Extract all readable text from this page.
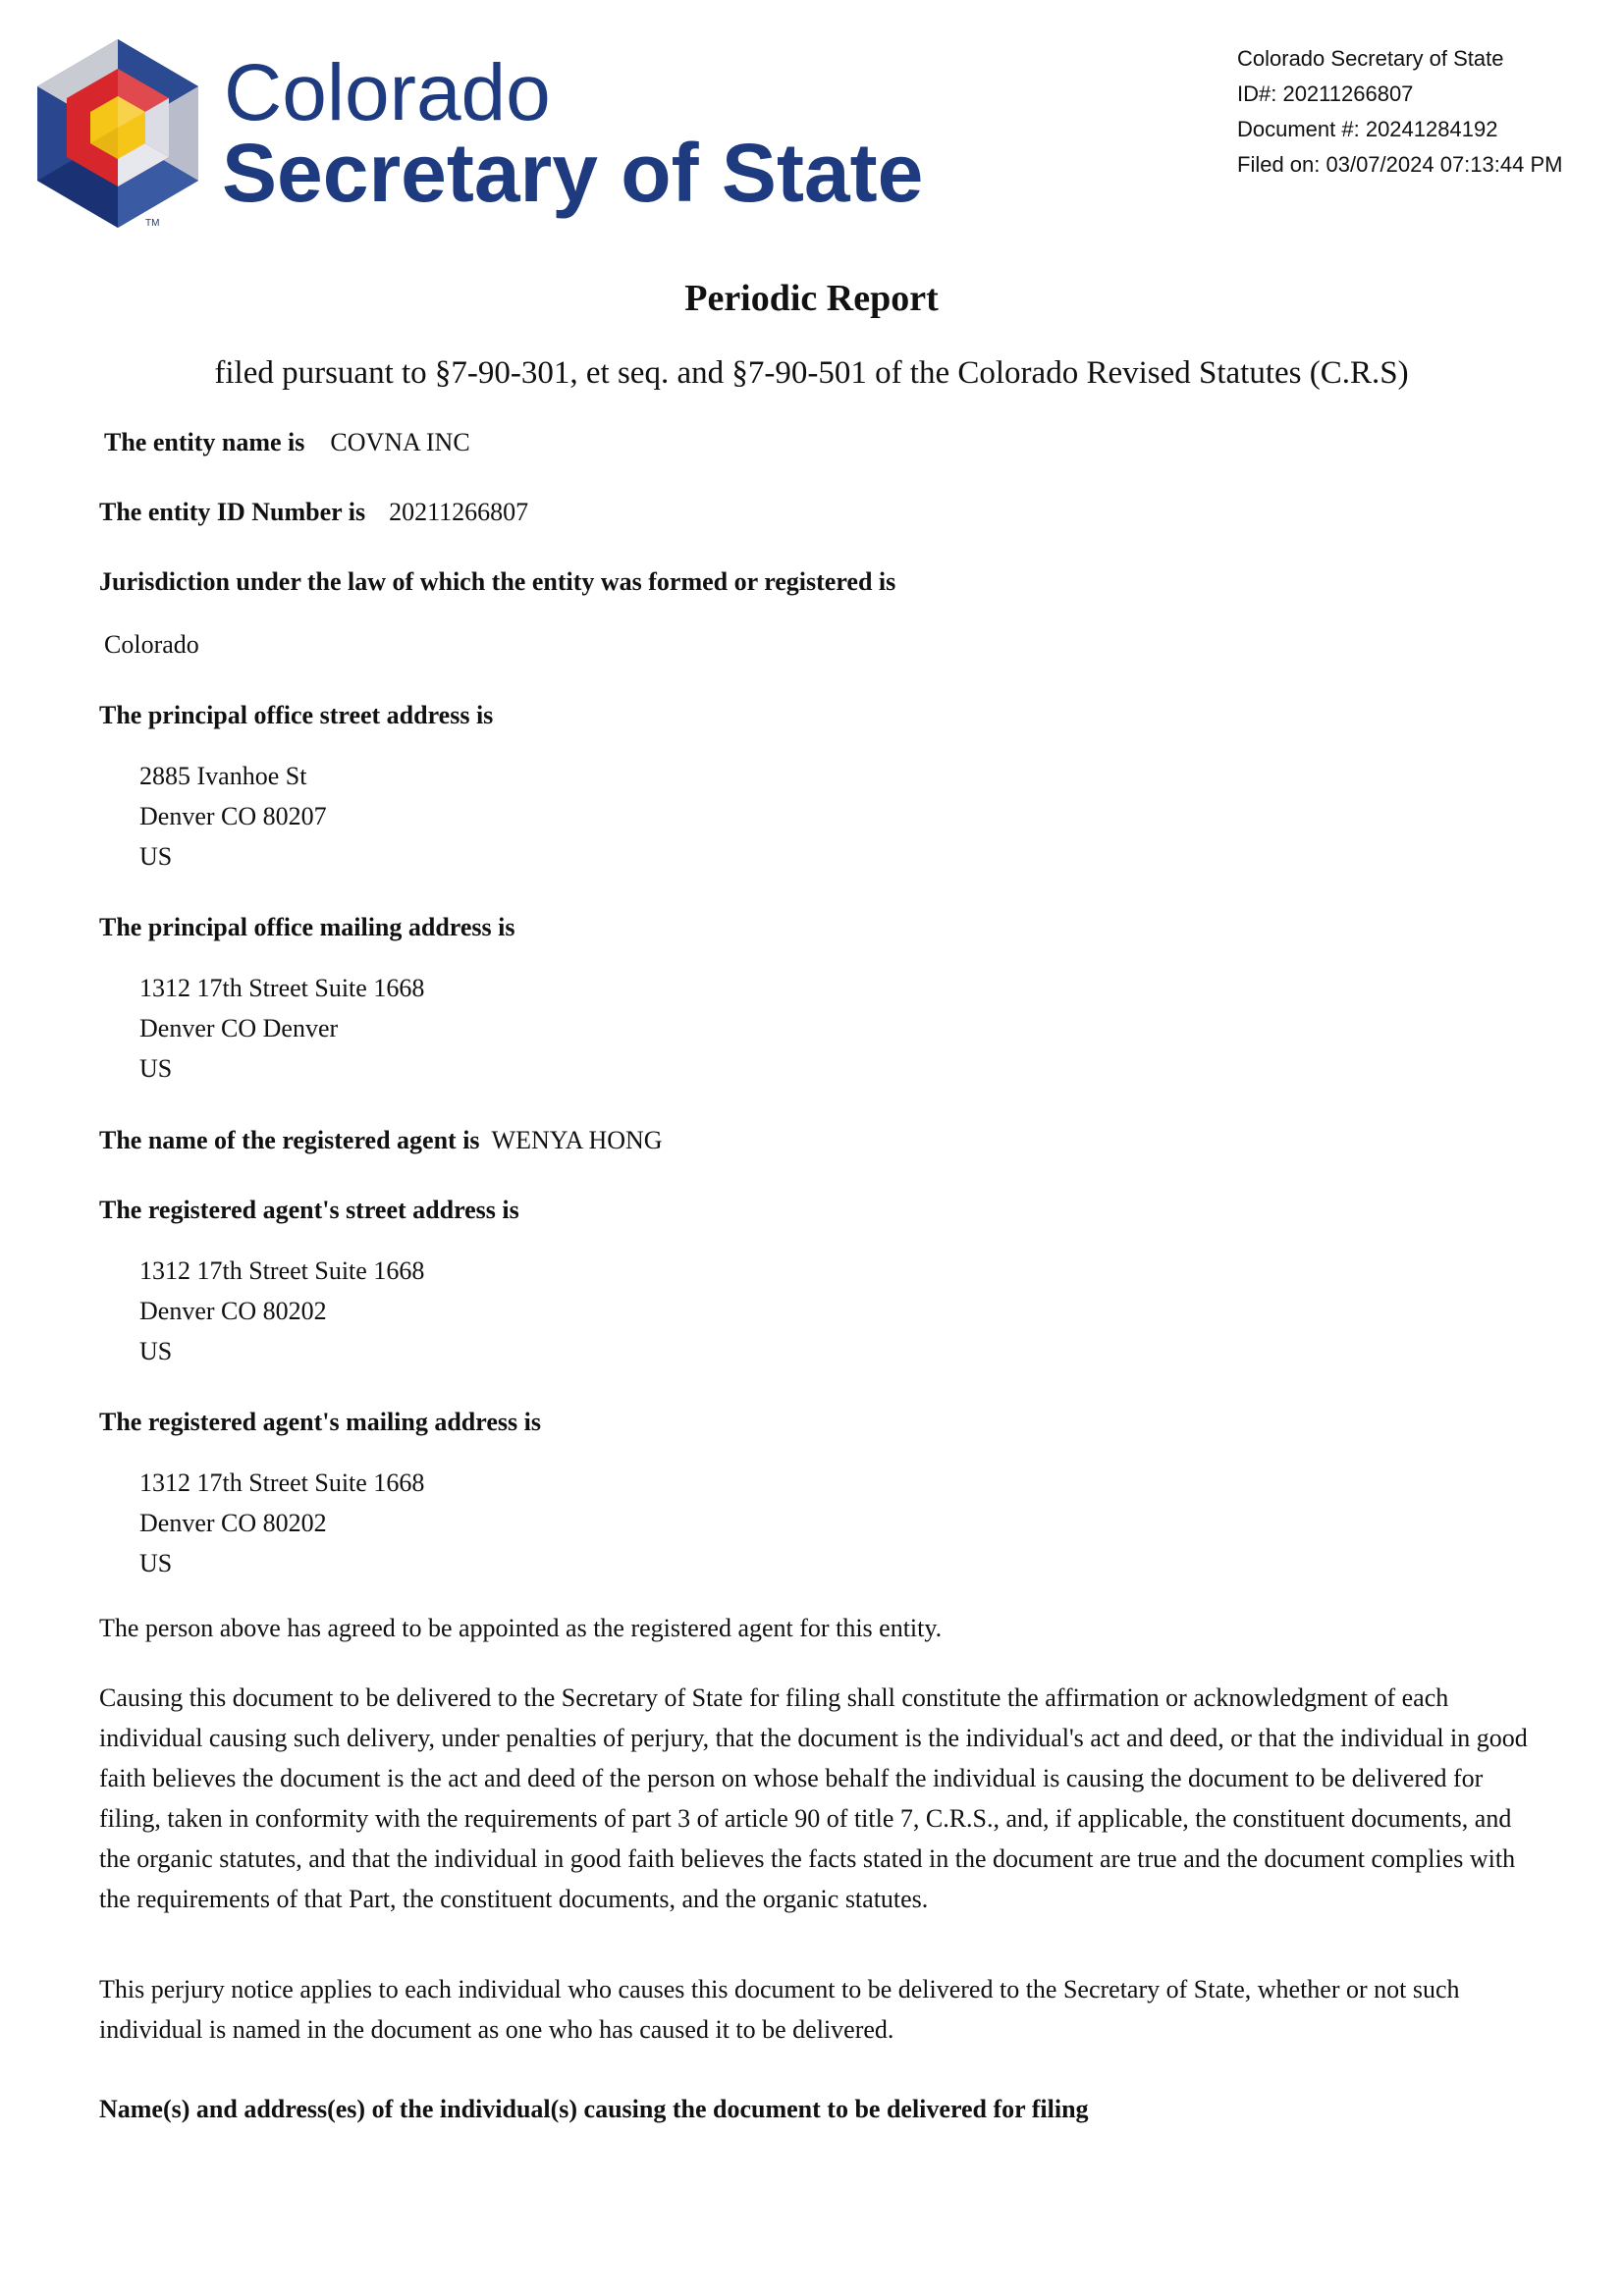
TM
Colorado
Secretary of State
Colorado Secretary of State
ID#: 20211266807
Document #: 20241284192
Filed on: 03/07/2024 07:13:44 PM
Periodic Report
filed pursuant to §7-90-301, et seq. and §7-90-501 of the Colorado Revised Statutes (C.R.S)
The entity name is COVNA INC
The entity ID Number is 20211266807
Jurisdiction under the law of which the entity was formed or registered is
Colorado
The principal office street address is
2885 Ivanhoe St
Denver CO 80207
US
The principal office mailing address is
1312 17th Street Suite 1668
Denver CO Denver
US
The name of the registered agent is WENYA HONG
The registered agent's street address is
1312 17th Street Suite 1668
Denver CO 80202
US
The registered agent's mailing address is
1312 17th Street Suite 1668
Denver CO 80202
US
The person above has agreed to be appointed as the registered agent for this entity.
Causing this document to be delivered to the Secretary of State for filing shall constitute the affirmation or acknowledgment of each individual causing such delivery, under penalties of perjury, that the document is the individual's act and deed, or that the individual in good faith believes the document is the act and deed of the person on whose behalf the individual is causing the document to be delivered for filing, taken in conformity with the requirements of part 3 of article 90 of title 7, C.R.S., and, if applicable, the constituent documents, and the organic statutes, and that the individual in good faith believes the facts stated in the document are true and the document complies with the requirements of that Part, the constituent documents, and the organic statutes.
This perjury notice applies to each individual who causes this document to be delivered to the Secretary of State, whether or not such individual is named in the document as one who has caused it to be delivered.
Name(s) and address(es) of the individual(s) causing the document to be delivered for filing
